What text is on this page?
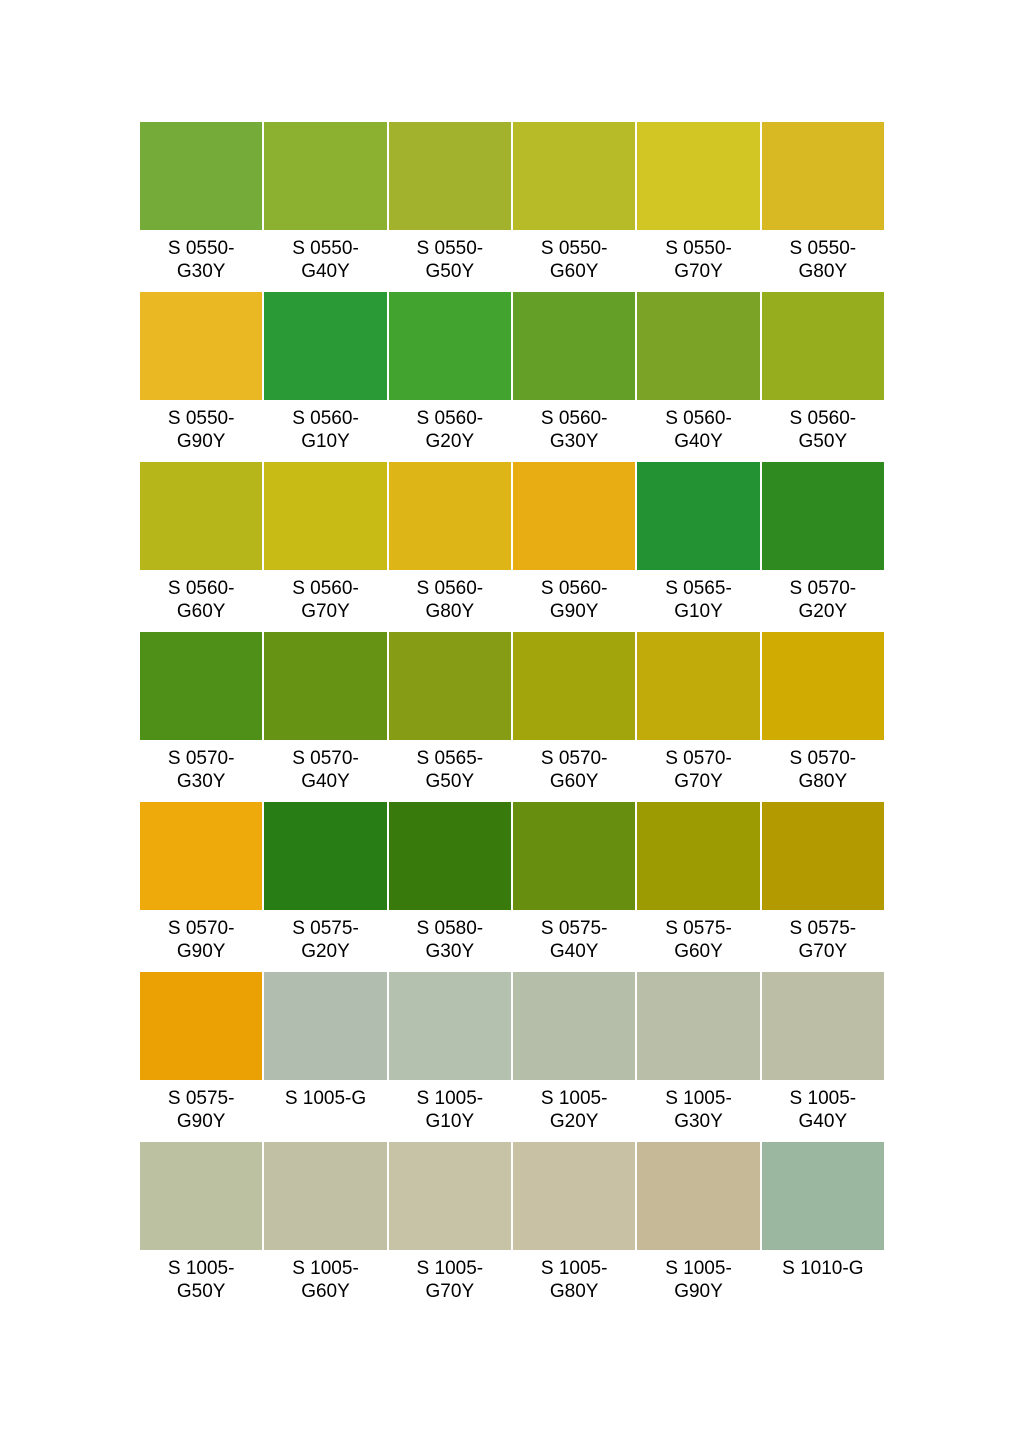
S 0550-
G30Y
S 0550-
G40Y
S 0550-
G50Y
S 0550-
G60Y
S 0550-
G70Y
S 0550-
G80Y
S 0550-
G90Y
S 0560-
G10Y
S 0560-
G20Y
S 0560-
G30Y
S 0560-
G40Y
S 0560-
G50Y
S 0560-
G60Y
S 0560-
G70Y
S 0560-
G80Y
S 0560-
G90Y
S 0565-
G10Y
S 0570-
G20Y
S 0570-
G30Y
S 0570-
G40Y
S 0565-
G50Y
S 0570-
G60Y
S 0570-
G70Y
S 0570-
G80Y
S 0570-
G90Y
S 0575-
G20Y
S 0580-
G30Y
S 0575-
G40Y
S 0575-
G60Y
S 0575-
G70Y
S 0575-
G90Y
S 1005-G	S 1005-
G10Y
S 1005-
G20Y
S 1005-
G30Y
S 1005-
G40Y
S 1005-
G50Y
S 1005-
G60Y
S 1005-
G70Y
S 1005-
G80Y
S 1005-
G90Y
S 1010-G
